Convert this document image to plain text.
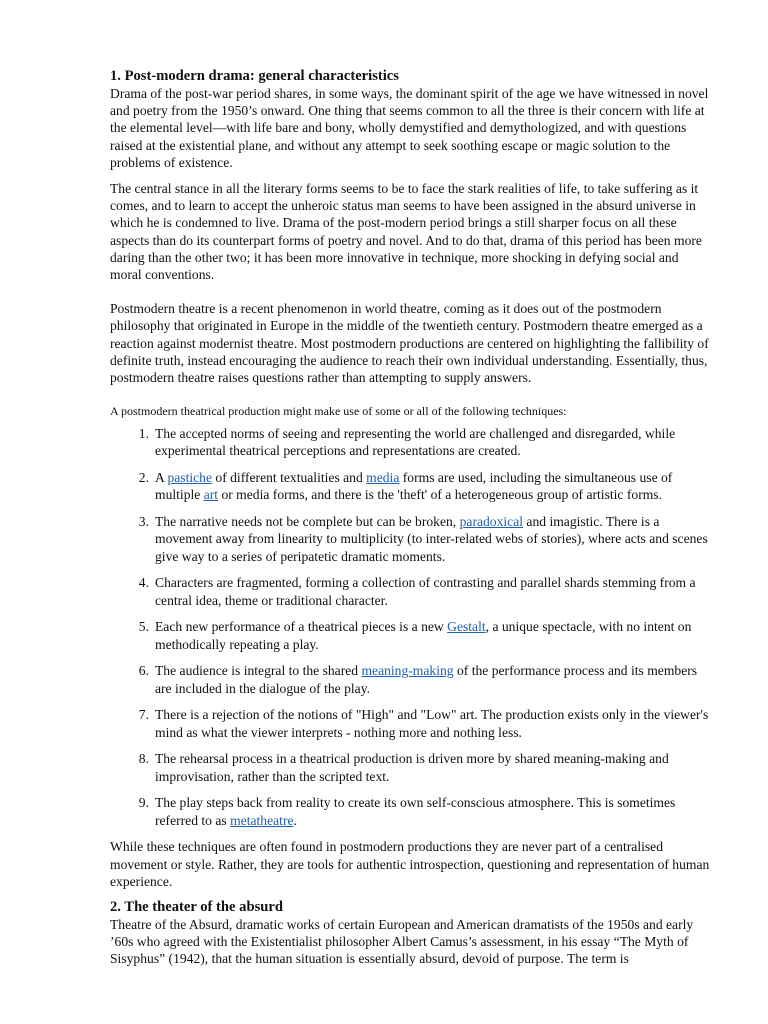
1. Post-modern drama: general characteristics

Drama of the post-war period shares, in some ways, the dominant spirit of the age we have witnessed in novel and poetry from the 1950’s onward. One thing that seems common to all the three is their concern with life at the elemental level—with life bare and bony, wholly demystified and demythologized, and with questions raised at the existential plane, and without any attempt to seek soothing escape or magic solution to the problems of existence.

The central stance in all the literary forms seems to be to face the stark realities of life, to take suffering as it comes, and to learn to accept the unheroic status man seems to have been assigned in the absurd universe in which he is condemned to live. Drama of the post-modern period brings a still sharper focus on all these aspects than do its counterpart forms of poetry and novel. And to do that, drama of this period has been more daring than the other two; it has been more innovative in technique, more shocking in defying social and moral conventions.

Postmodern theatre is a recent phenomenon in world theatre, coming as it does out of the postmodern philosophy that originated in Europe in the middle of the twentieth century. Postmodern theatre emerged as a reaction against modernist theatre. Most postmodern productions are centered on highlighting the fallibility of definite truth, instead encouraging the audience to reach their own individual understanding. Essentially, thus, postmodern theatre raises questions rather than attempting to supply answers.

A postmodern theatrical production might make use of some or all of the following techniques:

1. The accepted norms of seeing and representing the world are challenged and disregarded, while experimental theatrical perceptions and representations are created.
2. A pastiche of different textualities and media forms are used, including the simultaneous use of multiple art or media forms, and there is the 'theft' of a heterogeneous group of artistic forms.
3. The narrative needs not be complete but can be broken, paradoxical and imagistic. There is a movement away from linearity to multiplicity (to inter-related webs of stories), where acts and scenes give way to a series of peripatetic dramatic moments.
4. Characters are fragmented, forming a collection of contrasting and parallel shards stemming from a central idea, theme or traditional character.
5. Each new performance of a theatrical pieces is a new Gestalt, a unique spectacle, with no intent on methodically repeating a play.
6. The audience is integral to the shared meaning-making of the performance process and its members are included in the dialogue of the play.
7. There is a rejection of the notions of "High" and "Low" art. The production exists only in the viewer's mind as what the viewer interprets - nothing more and nothing less.
8. The rehearsal process in a theatrical production is driven more by shared meaning-making and improvisation, rather than the scripted text.
9. The play steps back from reality to create its own self-conscious atmosphere. This is sometimes referred to as metatheatre.

While these techniques are often found in postmodern productions they are never part of a centralised movement or style. Rather, they are tools for authentic introspection, questioning and representation of human experience.

2. The theater of the absurd

Theatre of the Absurd, dramatic works of certain European and American dramatists of the 1950s and early ’60s who agreed with the Existentialist philosopher Albert Camus’s assessment, in his essay “The Myth of Sisyphus” (1942), that the human situation is essentially absurd, devoid of purpose. The term is
